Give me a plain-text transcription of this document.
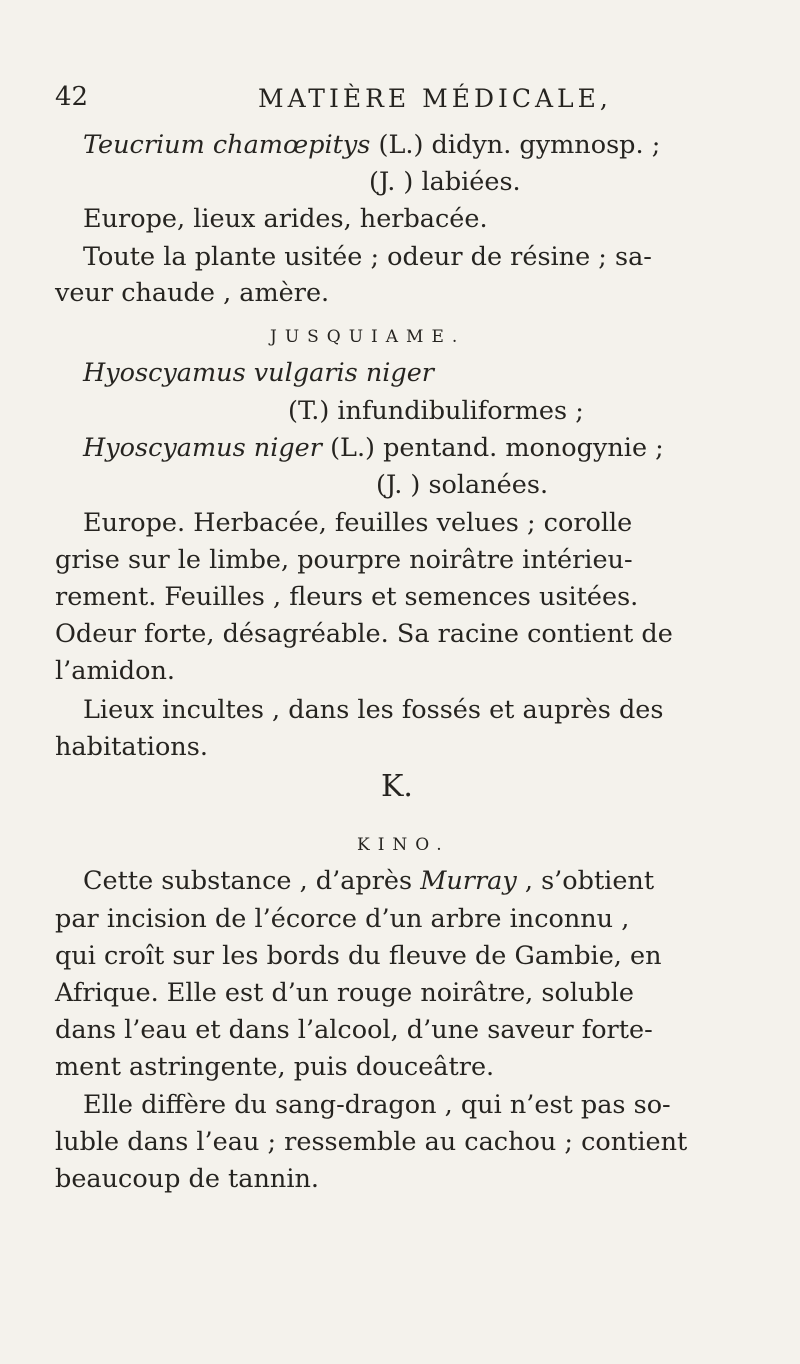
42	MATIÈRE MÉDICALE,
Teucrium chamœpitys (L.) didyn. gymnosp. ;
(J. ) labiées.
Europe, lieux arides, herbacée.
Toute la plante usitée ; odeur de résine ; sa-
veur chaude , amère.
JUSQUIAME.
Hyoscyamus vulgaris niger
(T.) infundibuliformes ;
Hyoscyamus niger (L.) pentand. monogynie ;
(J. ) solanées.
Europe. Herbacée, feuilles velues ; corolle
grise sur le limbe, pourpre noirâtre intérieu-
rement. Feuilles , fleurs et semences usitées.
Odeur forte, désagréable. Sa racine contient de
l’amidon.
Lieux incultes , dans les fossés et auprès des
habitations.
K.
KINO.
Cette substance , d’après Murray , s’obtient
par incision de l’écorce d’un arbre inconnu ,
qui croît sur les bords du fleuve de Gambie, en
Afrique. Elle est d’un rouge noirâtre, soluble
dans l’eau et dans l’alcool, d’une saveur forte-
ment astringente, puis douceâtre.
Elle diffère du sang-dragon , qui n’est pas so-
luble dans l’eau ; ressemble au cachou ; contient
beaucoup de tannin.
